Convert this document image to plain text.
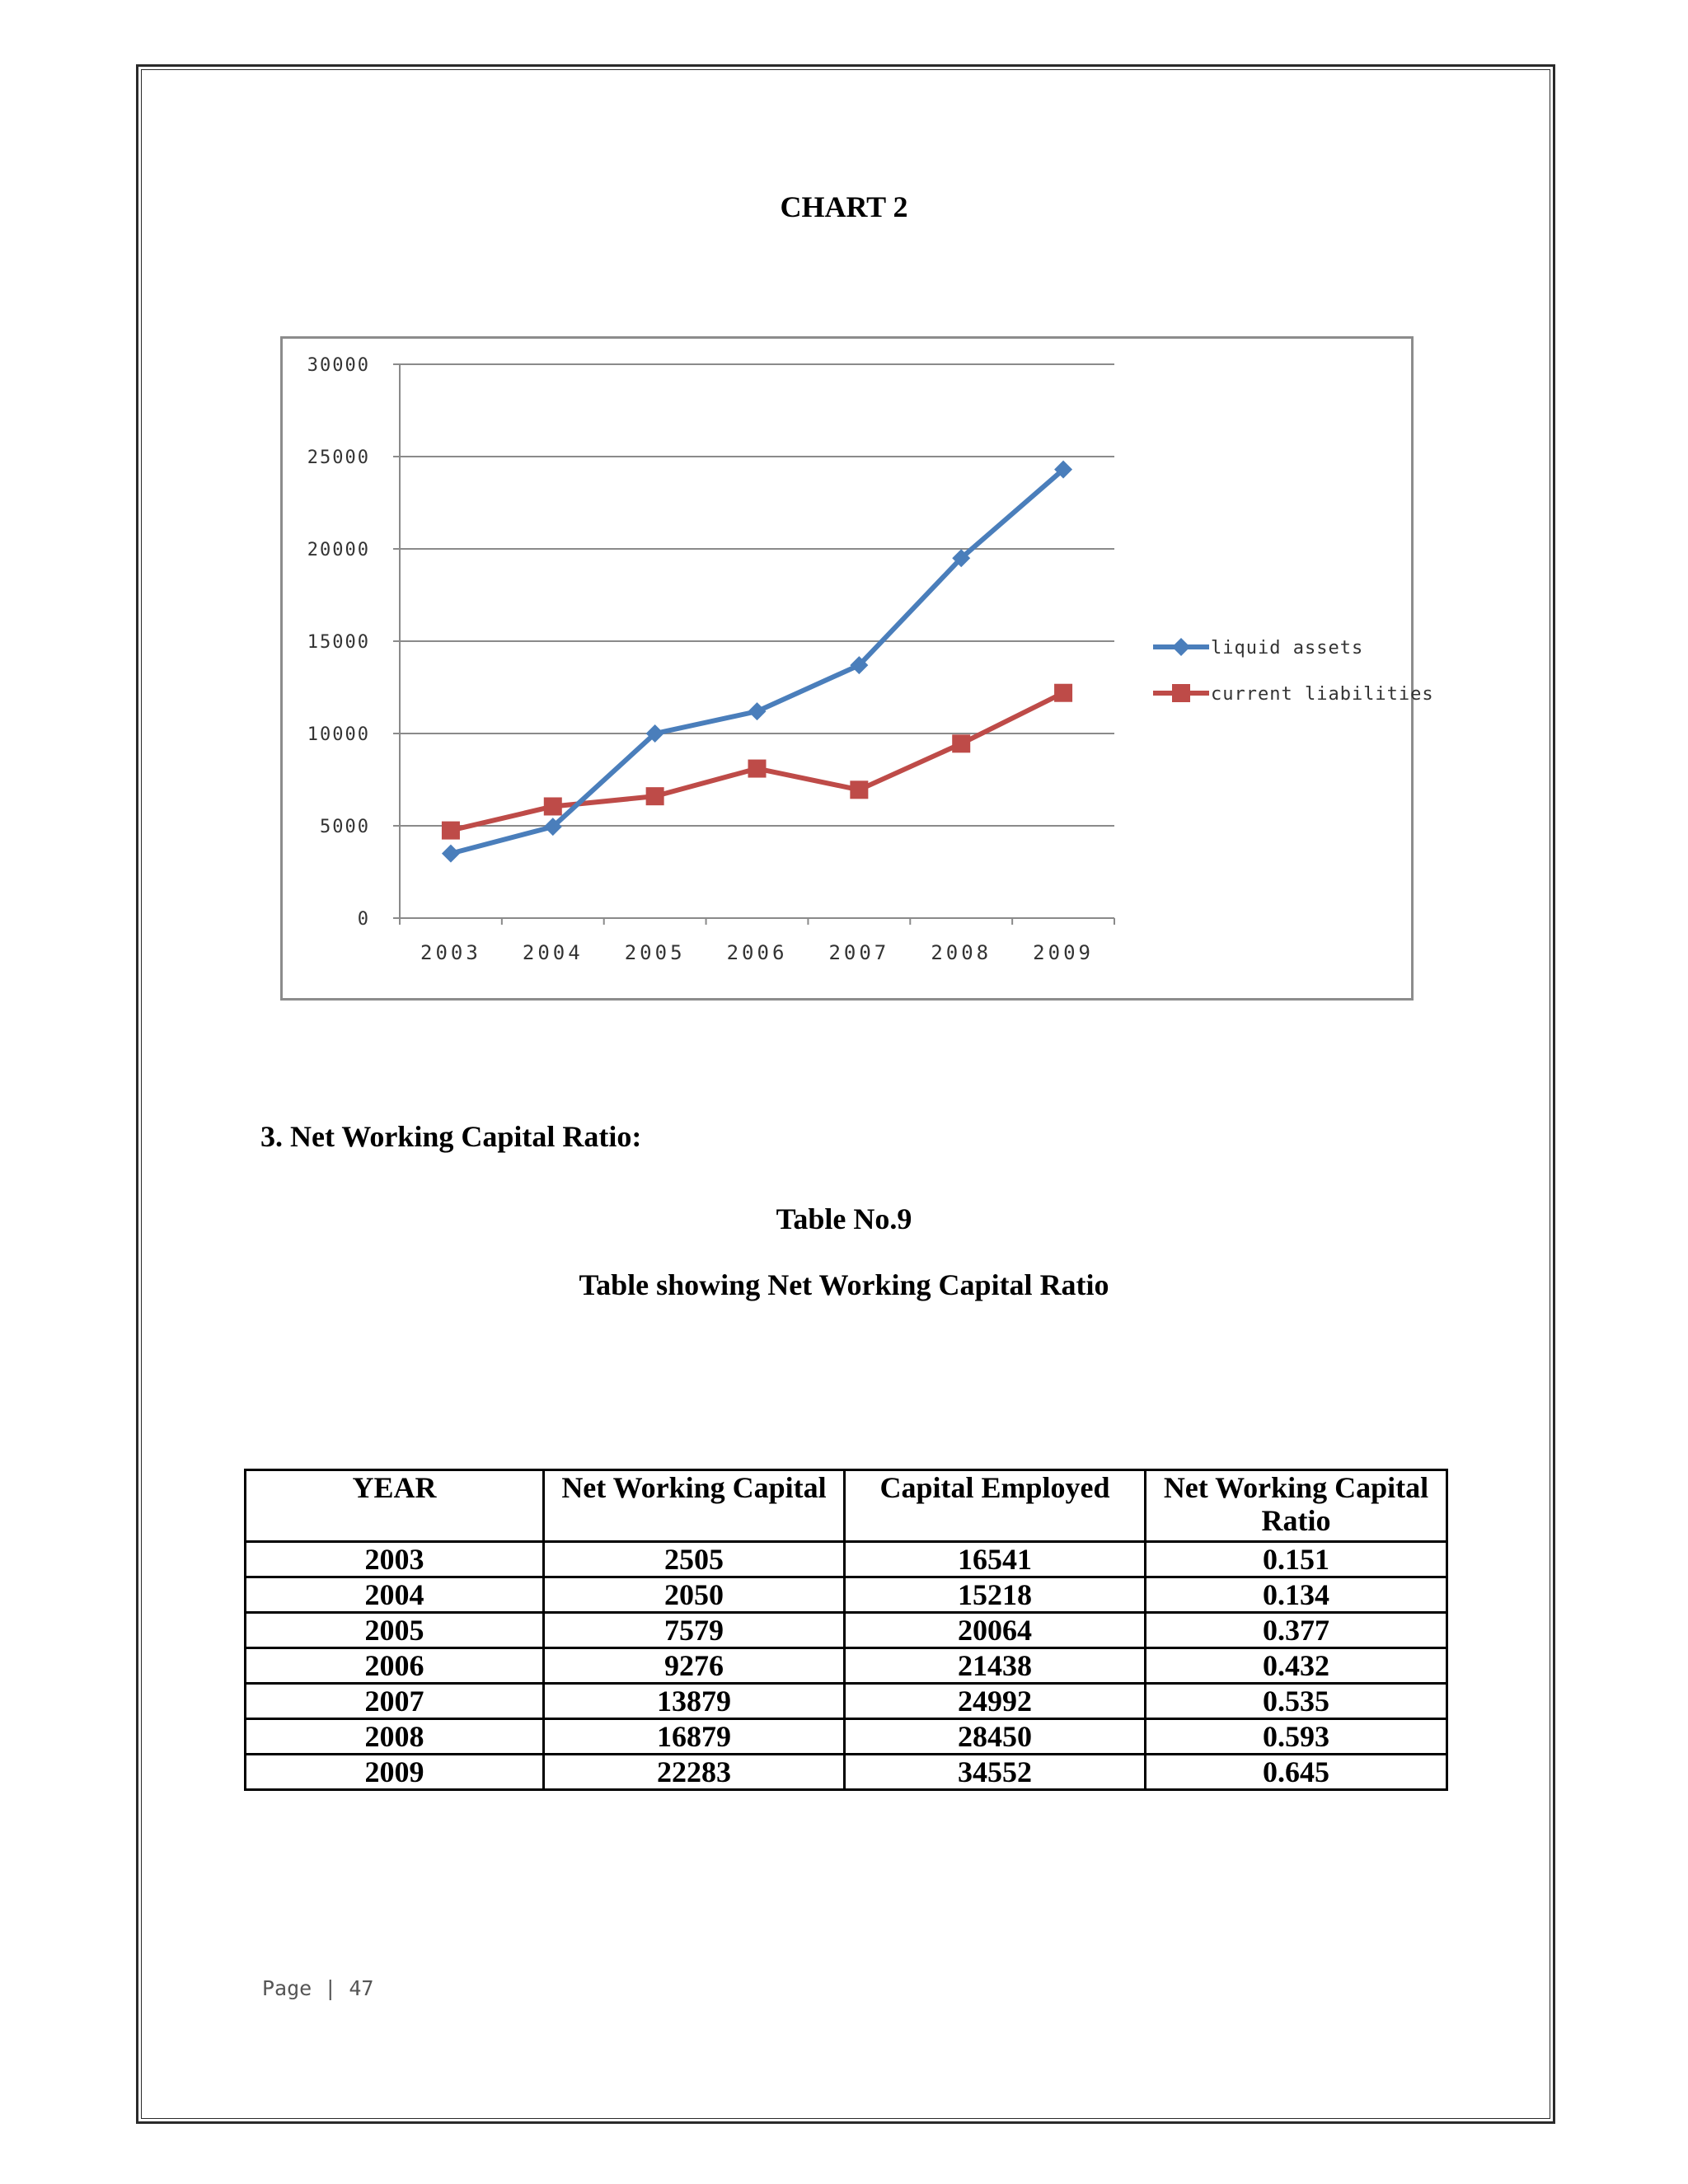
CHART 2
0
5000
10000
15000
20000
25000
30000
2003 2004 2005 2006 2007 2008 2009
liquid assets
current liabilities
3. Net Working Capital Ratio:
Table No.9
Table showing Net Working Capital Ratio
YEAR	Net Working Capital	Capital Employed	Net Working Capital Ratio
2003	2505	16541	0.151
2004	2050	15218	0.134
2005	7579	20064	0.377
2006	9276	21438	0.432
2007	13879	24992	0.535
2008	16879	28450	0.593
2009	22283	34552	0.645
Page | 47
